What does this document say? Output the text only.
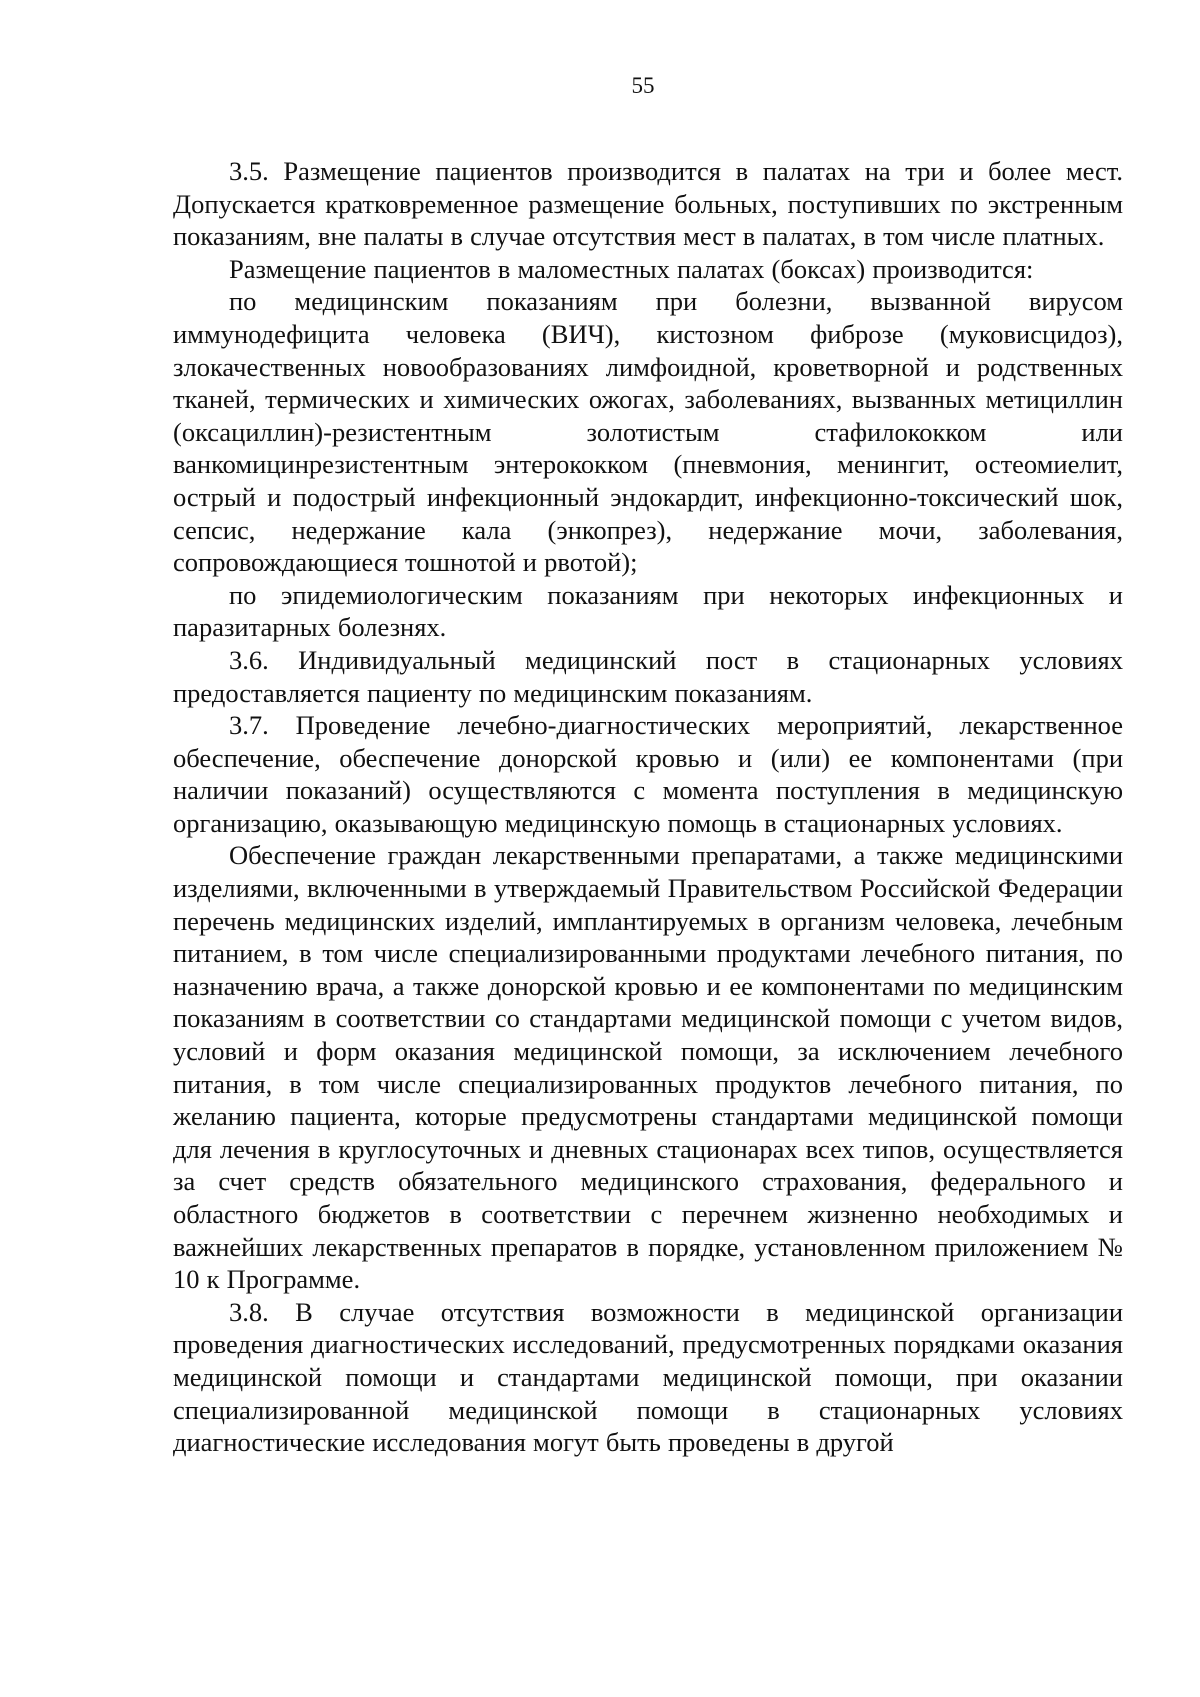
55

3.5. Размещение пациентов производится в палатах на три и более мест. Допускается кратковременное размещение больных, поступивших по экстренным показаниям, вне палаты в случае отсутствия мест в палатах, в том числе платных.

Размещение пациентов в маломестных палатах (боксах) производится:

по медицинским показаниям при болезни, вызванной вирусом иммунодефицита человека (ВИЧ), кистозном фиброзе (муковисцидоз), злокачественных новообразованиях лимфоидной, кроветворной и родственных тканей, термических и химических ожогах, заболеваниях, вызванных метициллин (оксациллин)-резистентным золотистым стафилококком или ванкомицинрезистентным энтерококком (пневмония, менингит, остеомиелит, острый и подострый инфекционный эндокардит, инфекционно-токсический шок, сепсис, недержание кала (энкопрез), недержание мочи, заболевания, сопровождающиеся тошнотой и рвотой);

по эпидемиологическим показаниям при некоторых инфекционных и паразитарных болезнях.

3.6. Индивидуальный медицинский пост в стационарных условиях предоставляется пациенту по медицинским показаниям.

3.7. Проведение лечебно-диагностических мероприятий, лекарственное обеспечение, обеспечение донорской кровью и (или) ее компонентами (при наличии показаний) осуществляются с момента поступления в медицинскую организацию, оказывающую медицинскую помощь в стационарных условиях.

Обеспечение граждан лекарственными препаратами, а также медицинскими изделиями, включенными в утверждаемый Правительством Российской Федерации перечень медицинских изделий, имплантируемых в организм человека, лечебным питанием, в том числе специализированными продуктами лечебного питания, по назначению врача, а также донорской кровью и ее компонентами по медицинским показаниям в соответствии со стандартами медицинской помощи с учетом видов, условий и форм оказания медицинской помощи, за исключением лечебного питания, в том числе специализированных продуктов лечебного питания, по желанию пациента, которые предусмотрены стандартами медицинской помощи для лечения в круглосуточных и дневных стационарах всех типов, осуществляется за счет средств обязательного медицинского страхования, федерального и областного бюджетов в соответствии с перечнем жизненно необходимых и важнейших лекарственных препаратов в порядке, установленном приложением № 10 к Программе.

3.8. В случае отсутствия возможности в медицинской организации проведения диагностических исследований, предусмотренных порядками оказания медицинской помощи и стандартами медицинской помощи, при оказании специализированной медицинской помощи в стационарных условиях диагностические исследования могут быть проведены в другой
